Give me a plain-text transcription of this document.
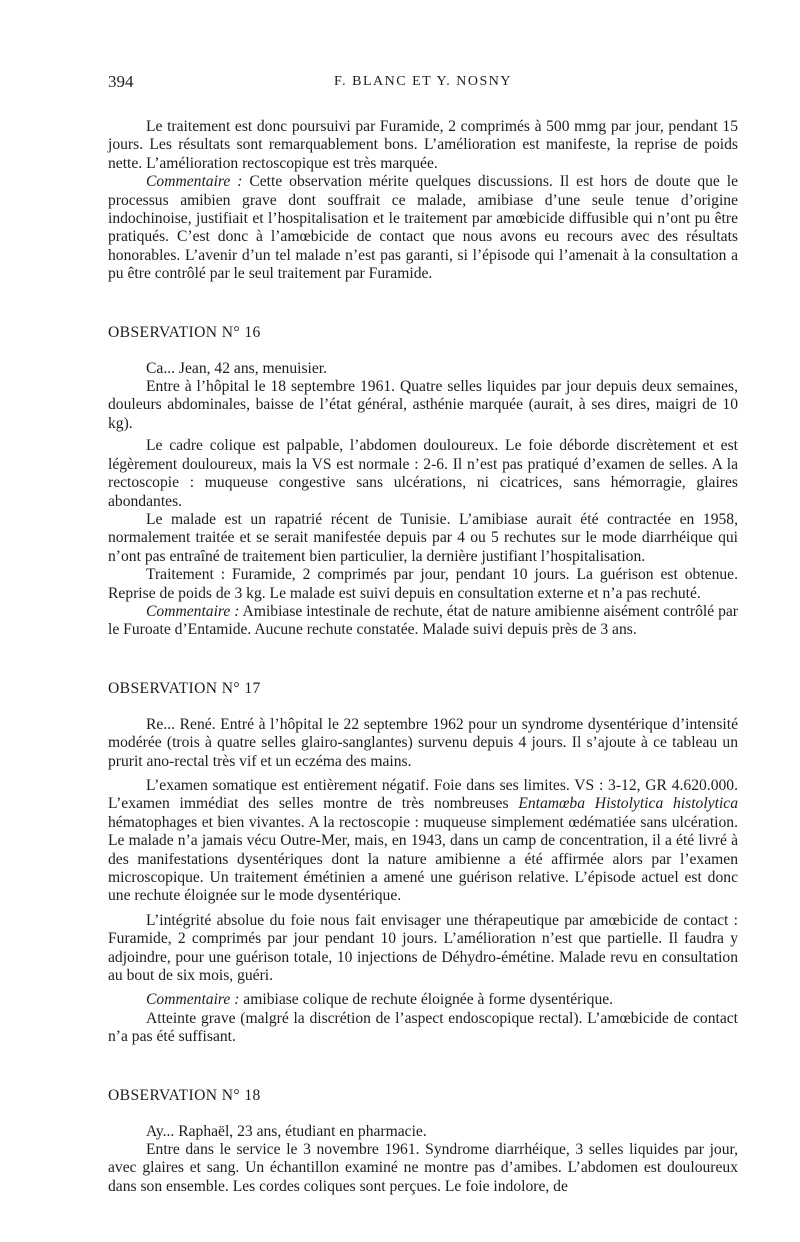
394	F. BLANC ET Y. NOSNY

Le traitement est donc poursuivi par Furamide, 2 comprimés à 500 mmg par jour, pendant 15 jours. Les résultats sont remarquablement bons. L’amélioration est manifeste, la reprise de poids nette. L’amélioration rectoscopique est très marquée.

Commentaire : Cette observation mérite quelques discussions. Il est hors de doute que le processus amibien grave dont souffrait ce malade, amibiase d’une seule tenue d’origine indochinoise, justifiait et l’hospitalisation et le traitement par amœbicide diffusible qui n’ont pu être pratiqués. C’est donc à l’amœbicide de contact que nous avons eu recours avec des résultats honorables. L’avenir d’un tel malade n’est pas garanti, si l’épisode qui l’amenait à la consultation a pu être contrôlé par le seul traitement par Furamide.

OBSERVATION N° 16

Ca... Jean, 42 ans, menuisier.

Entre à l’hôpital le 18 septembre 1961. Quatre selles liquides par jour depuis deux semaines, douleurs abdominales, baisse de l’état général, asthénie marquée (aurait, à ses dires, maigri de 10 kg).

Le cadre colique est palpable, l’abdomen douloureux. Le foie déborde discrètement et est légèrement douloureux, mais la VS est normale : 2-6. Il n’est pas pratiqué d’examen de selles. A la rectoscopie : muqueuse congestive sans ulcérations, ni cicatrices, sans hémorragie, glaires abondantes.

Le malade est un rapatrié récent de Tunisie. L’amibiase aurait été contractée en 1958, normalement traitée et se serait manifestée depuis par 4 ou 5 rechutes sur le mode diarrhéique qui n’ont pas entraîné de traitement bien particulier, la dernière justifiant l’hospitalisation.

Traitement : Furamide, 2 comprimés par jour, pendant 10 jours. La guérison est obtenue. Reprise de poids de 3 kg. Le malade est suivi depuis en consultation externe et n’a pas rechuté.

Commentaire : Amibiase intestinale de rechute, état de nature amibienne aisément contrôlé par le Furoate d’Entamide. Aucune rechute constatée. Malade suivi depuis près de 3 ans.

OBSERVATION N° 17

Re... René. Entré à l’hôpital le 22 septembre 1962 pour un syndrome dysentérique d’intensité modérée (trois à quatre selles glairo-sanglantes) survenu depuis 4 jours. Il s’ajoute à ce tableau un prurit ano-rectal très vif et un eczéma des mains.

L’examen somatique est entièrement négatif. Foie dans ses limites. VS : 3-12, GR 4.620.000. L’examen immédiat des selles montre de très nombreuses Entamœba Histolytica histolytica hématophages et bien vivantes. A la rectoscopie : muqueuse simplement œdématiée sans ulcération. Le malade n’a jamais vécu Outre-Mer, mais, en 1943, dans un camp de concentration, il a été livré à des manifestations dysentériques dont la nature amibienne a été affirmée alors par l’examen microscopique. Un traitement émétinien a amené une guérison relative. L’épisode actuel est donc une rechute éloignée sur le mode dysentérique.

L’intégrité absolue du foie nous fait envisager une thérapeutique par amœbicide de contact : Furamide, 2 comprimés par jour pendant 10 jours. L’amélioration n’est que partielle. Il faudra y adjoindre, pour une guérison totale, 10 injections de Déhydro-émétine. Malade revu en consultation au bout de six mois, guéri.

Commentaire : amibiase colique de rechute éloignée à forme dysentérique.

Atteinte grave (malgré la discrétion de l’aspect endoscopique rectal). L’amœbicide de contact n’a pas été suffisant.

OBSERVATION N° 18

Ay... Raphaël, 23 ans, étudiant en pharmacie.

Entre dans le service le 3 novembre 1961. Syndrome diarrhéique, 3 selles liquides par jour, avec glaires et sang. Un échantillon examiné ne montre pas d’amibes. L’abdomen est douloureux dans son ensemble. Les cordes coliques sont perçues. Le foie indolore, de
